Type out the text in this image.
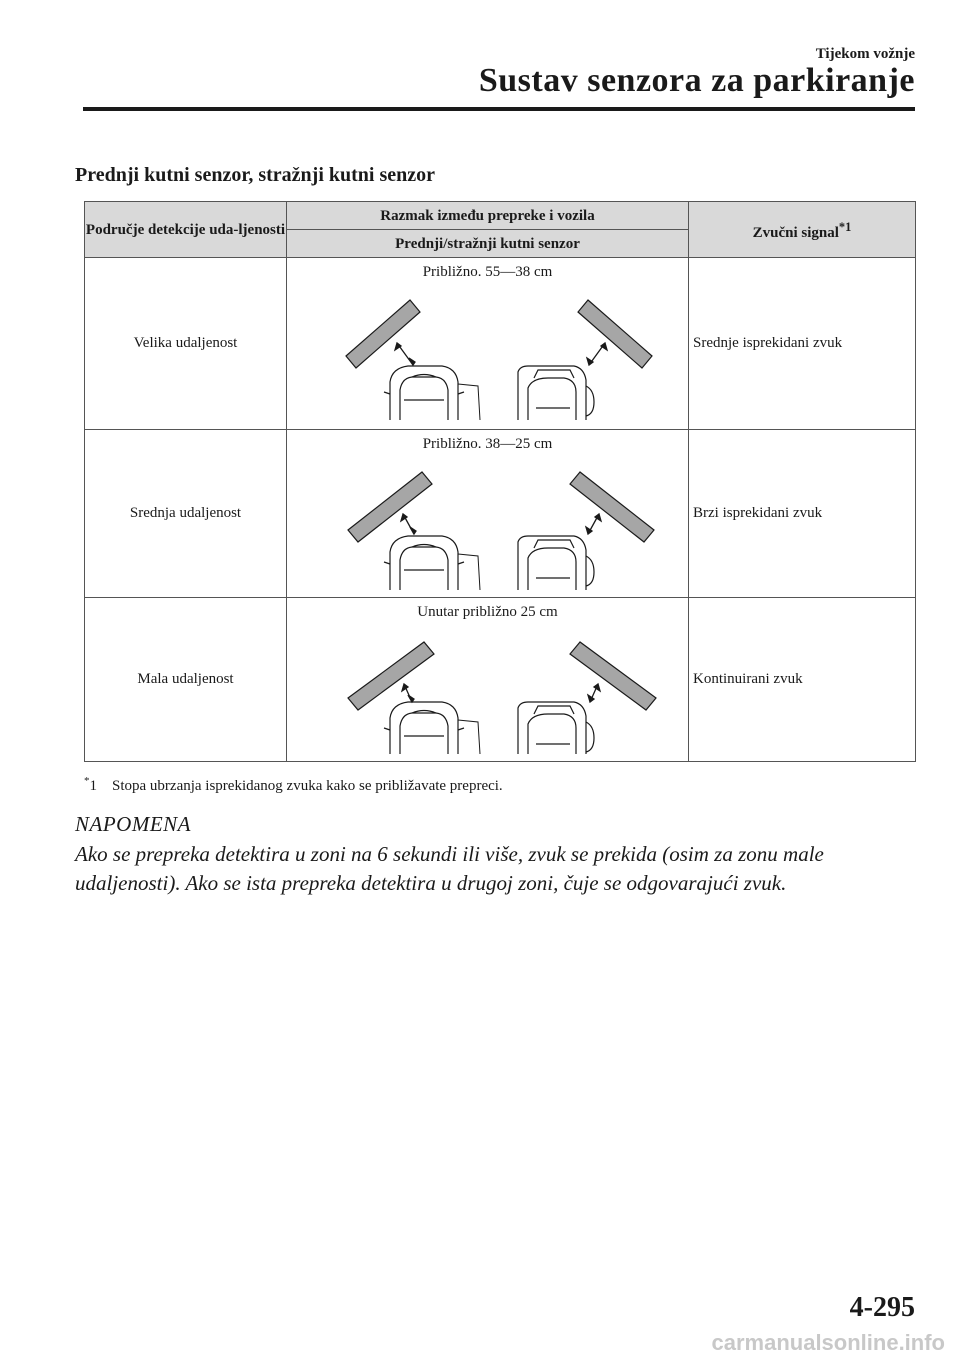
Tijekom vožnje
Sustav senzora za parkiranje
Prednji kutni senzor, stražnji kutni senzor
Područje detekcije uda-ljenosti	Razmak između prepreke i vozila	Zvučni signal$^{*1}$
	Prednji/stražnji kutni senzor	
Velika udaljenost	Približno. 55―38 cm	Srednje isprekidani zvuk
Srednja udaljenost	Približno. 38―25 cm	Brzi isprekidani zvuk
Mala udaljenost	Unutar približno 25 cm	Kontinuirani zvuk
*1 Stopa ubrzanja isprekidanog zvuka kako se približavate prepreci.
NAPOMENA
Ako se prepreka detektira u zoni na 6 sekundi ili više, zvuk se prekida (osim za zonu male udaljenosti). Ako se ista prepreka detektira u drugoj zoni, čuje se odgovarajući zvuk.
4-295
carmanualsonline.info
